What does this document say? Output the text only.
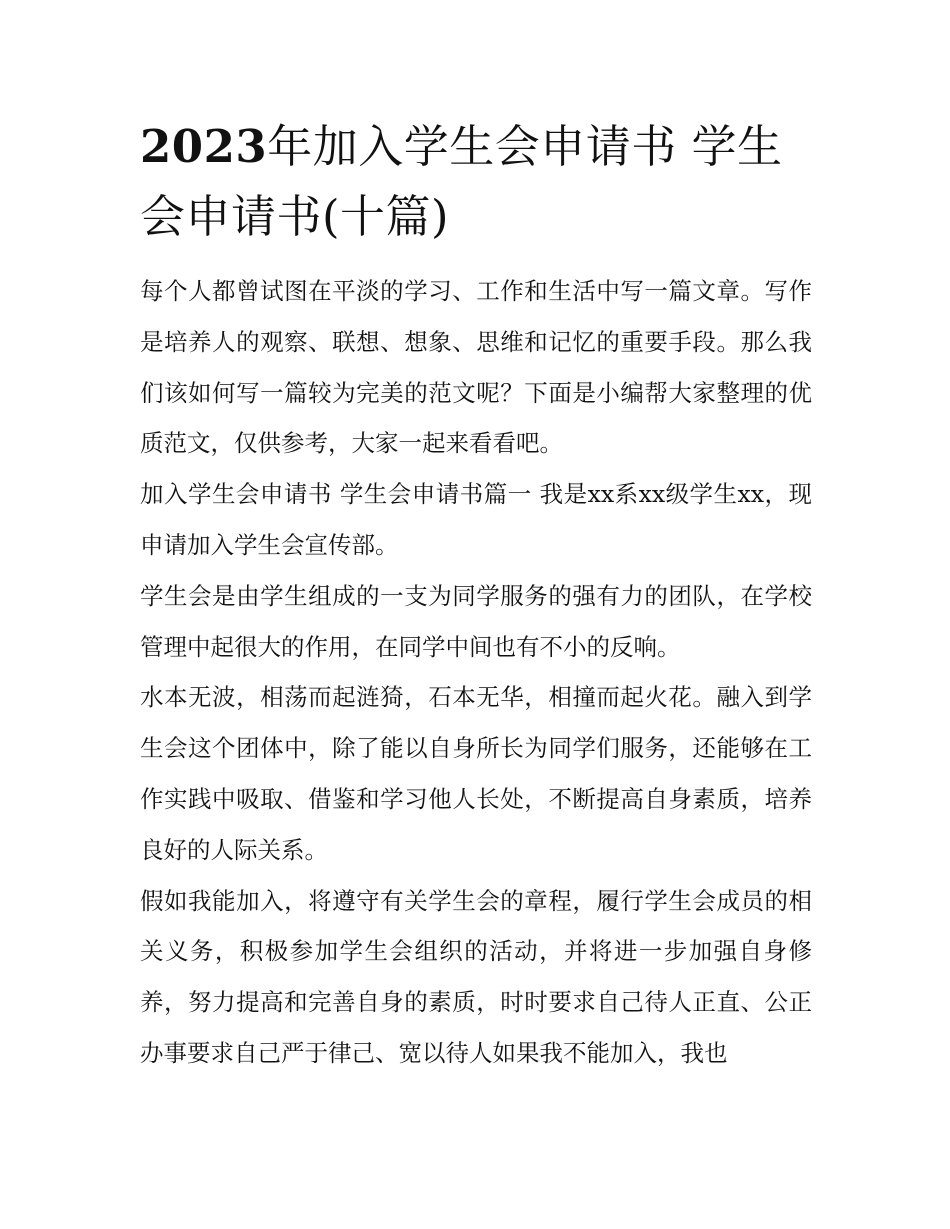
2023年加入学生会申请书 学生会申请书(十篇)

每个人都曾试图在平淡的学习、工作和生活中写一篇文章。写作是培养人的观察、联想、想象、思维和记忆的重要手段。那么我们该如何写一篇较为完美的范文呢？下面是小编帮大家整理的优质范文，仅供参考，大家一起来看看吧。

加入学生会申请书 学生会申请书篇一 我是xx系xx级学生xx，现申请加入学生会宣传部。

学生会是由学生组成的一支为同学服务的强有力的团队，在学校管理中起很大的作用，在同学中间也有不小的反响。

水本无波，相荡而起涟猗，石本无华，相撞而起火花。融入到学生会这个团体中，除了能以自身所长为同学们服务，还能够在工作实践中吸取、借鉴和学习他人长处，不断提高自身素质，培养良好的人际关系。

假如我能加入，将遵守有关学生会的章程，履行学生会成员的相关义务，积极参加学生会组织的活动，并将进一步加强自身修养，努力提高和完善自身的素质，时时要求自己待人正直、公正办事要求自己严于律己、宽以待人如果我不能加入，我也
